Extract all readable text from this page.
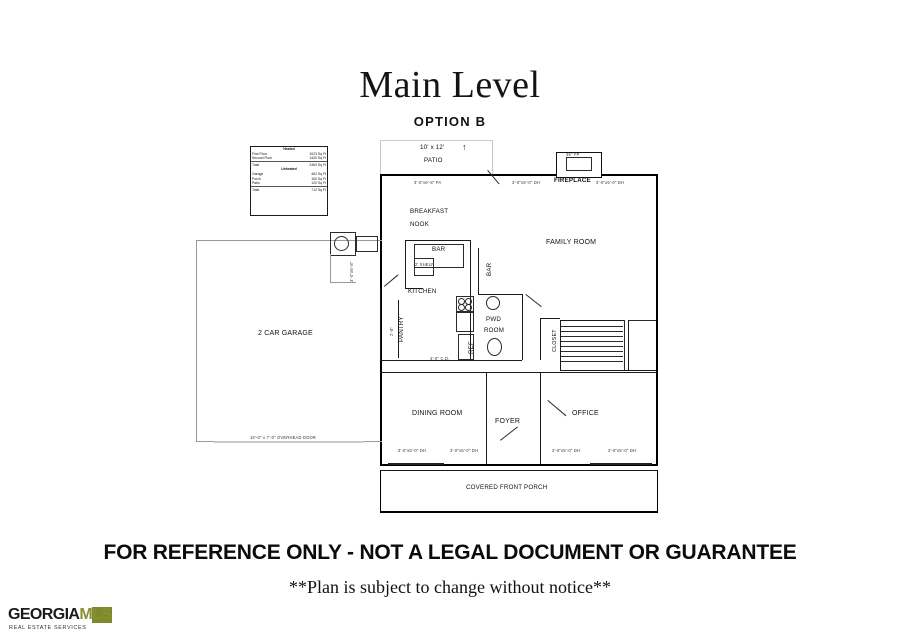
Main Level
OPTION B
COVERED FRONT PORCH
2 CAR GARAGE
16'-0" x 7'-0" OVERHEAD DOOR
3'-0"x6'-8"
Heated	
First Floor	1023 Sq Ft
Second Floor	1440 Sq Ft

Total	2463 Sq Ft
Unheated	
Garage	462 Sq Ft
Porch	160 Sq Ft
Patio	120 Sq Ft

Total	712 Sq Ft
10' x 12'
PATIO
↑
3'-0"x6'-8" PA	3'-0"x5'-0" DH	3'-0"x5'-0" DH
36" FP
FIREPLACE
FAMILY ROOM
BREAKFAST
NOOK
BAR
BAR
KITCHEN
2' SHELF
REF
4'-0" C.D.
PANTRY
2'-8"
PWD
ROOM	CLOSET
DINING ROOM
FOYER
OFFICE
3'-0"x5'-0" DH	3'-0"x5'-0" DH	3'-0"x5'-0" DH	3'-0"x5'-0" DH
FOR REFERENCE ONLY - NOT A LEGAL DOCUMENT OR GUARANTEE
**Plan is subject to change without notice**
GEORGIAMLS
REAL ESTATE SERVICES
